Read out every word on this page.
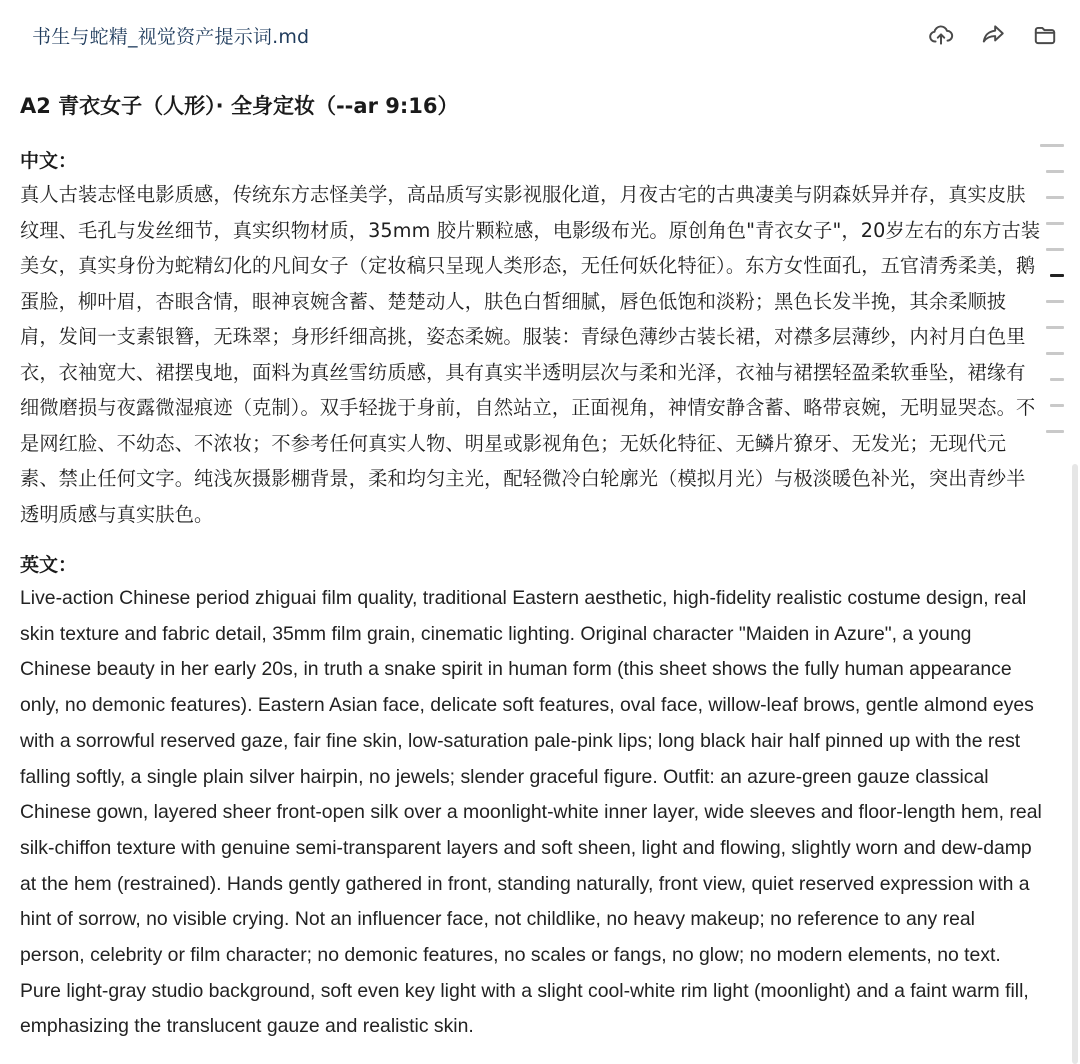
书生与蛇精_视觉资产提示词.md
A2 青衣女子（人形）· 全身定妆（--ar 9:16）
中文：

真人古装志怪电影质感，传统东方志怪美学，高品质写实影视服化道，月夜古宅的古典凄美与阴森妖异并存，真实皮肤纹理、毛孔与发丝细节，真实织物材质，35mm 胶片颗粒感，电影级布光。原创角色"青衣女子"，20岁左右的东方古装美女，真实身份为蛇精幻化的凡间女子（定妆稿只呈现人类形态，无任何妖化特征）。东方女性面孔，五官清秀柔美，鹅蛋脸，柳叶眉，杏眼含情，眼神哀婉含蓄、楚楚动人，肤色白皙细腻，唇色低饱和淡粉；黑色长发半挽，其余柔顺披肩，发间一支素银簪，无珠翠；身形纤细高挑，姿态柔婉。服装：青绿色薄纱古装长裙，对襟多层薄纱，内衬月白色里衣，衣袖宽大、裙摆曳地，面料为真丝雪纺质感，具有真实半透明层次与柔和光泽，衣袖与裙摆轻盈柔软垂坠，裙缘有细微磨损与夜露微湿痕迹（克制）。双手轻拢于身前，自然站立，正面视角，神情安静含蓄、略带哀婉，无明显哭态。不是网红脸、不幼态、不浓妆；不参考任何真实人物、明星或影视角色；无妖化特征、无鳞片獠牙、无发光；无现代元素、禁止任何文字。纯浅灰摄影棚背景，柔和均匀主光，配轻微冷白轮廓光（模拟月光）与极淡暖色补光，突出青纱半透明质感与真实肤色。

英文：

Live-action Chinese period zhiguai film quality, traditional Eastern aesthetic, high-fidelity realistic costume design, real skin texture and fabric detail, 35mm film grain, cinematic lighting. Original character "Maiden in Azure", a young Chinese beauty in her early 20s, in truth a snake spirit in human form (this sheet shows the fully human appearance only, no demonic features). Eastern Asian face, delicate soft features, oval face, willow-leaf brows, gentle almond eyes with a sorrowful reserved gaze, fair fine skin, low-saturation pale-pink lips; long black hair half pinned up with the rest falling softly, a single plain silver hairpin, no jewels; slender graceful figure. Outfit: an azure-green gauze classical Chinese gown, layered sheer front-open silk over a moonlight-white inner layer, wide sleeves and floor-length hem, real silk-chiffon texture with genuine semi-transparent layers and soft sheen, light and flowing, slightly worn and dew-damp at the hem (restrained). Hands gently gathered in front, standing naturally, front view, quiet reserved expression with a hint of sorrow, no visible crying. Not an influencer face, not childlike, no heavy makeup; no reference to any real person, celebrity or film character; no demonic features, no scales or fangs, no glow; no modern elements, no text. Pure light-gray studio background, soft even key light with a slight cool-white rim light (moonlight) and a faint warm fill, emphasizing the translucent gauze and realistic skin.
